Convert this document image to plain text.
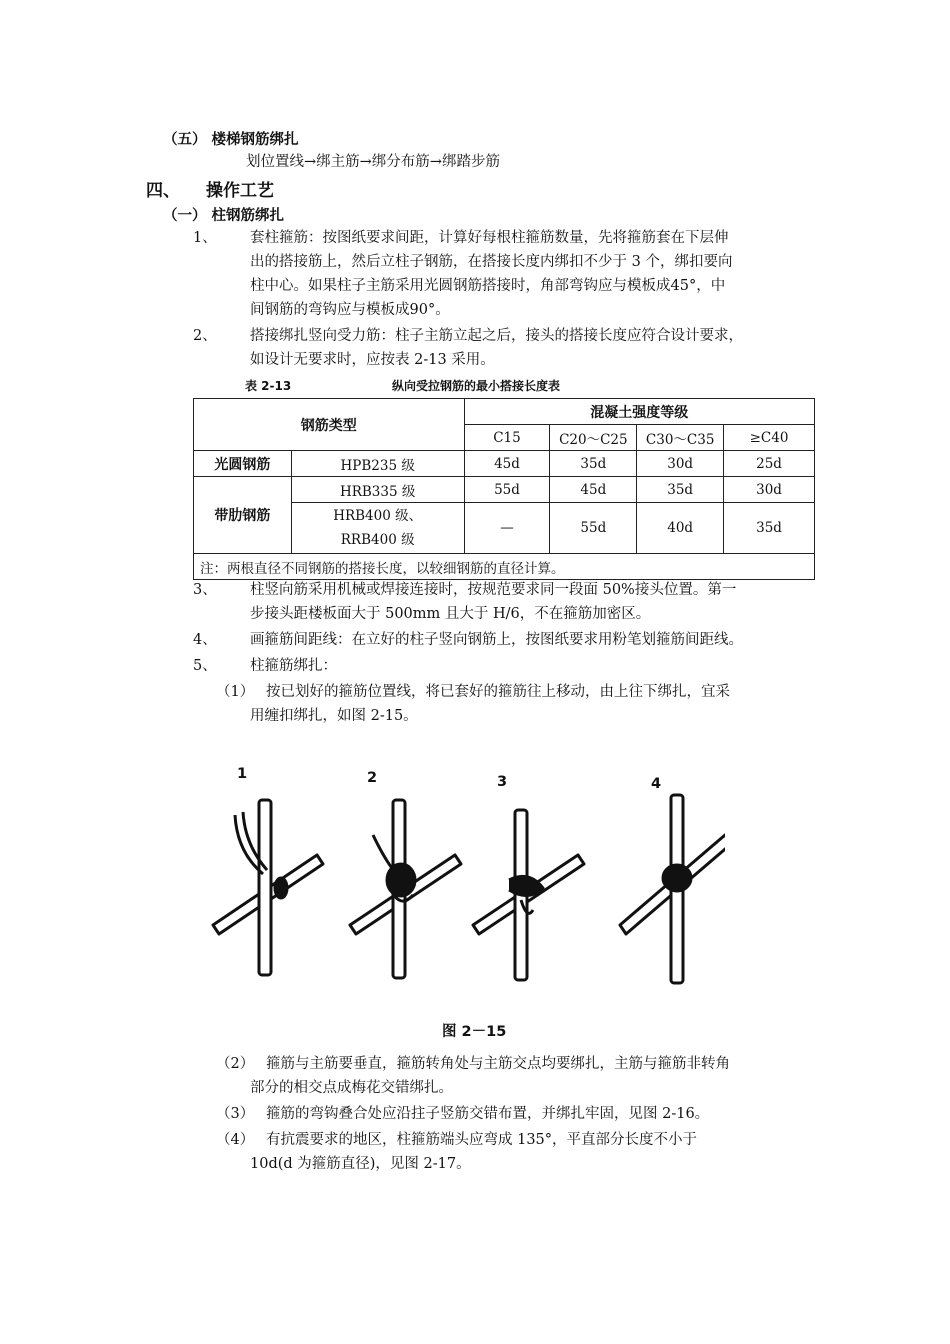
（五） 楼梯钢筋绑扎
划位置线→绑主筋→绑分布筋→绑踏步筋
四、 操作工艺
（一） 柱钢筋绑扎
1、 套柱箍筋：按图纸要求间距，计算好每根柱箍筋数量，先将箍筋套在下层伸
出的搭接筋上，然后立柱子钢筋，在搭接长度内绑扣不少于 3 个，绑扣要向
柱中心。如果柱子主筋采用光圆钢筋搭接时，角部弯钩应与模板成45°，中
间钢筋的弯钩应与模板成90°。
2、 搭接绑扎竖向受力筋：柱子主筋立起之后，接头的搭接长度应符合设计要求，
如设计无要求时，应按表 2-13 采用。
表 2-13	纵向受拉钢筋的最小搭接长度表
钢筋类型		混凝土强度等级			
		C15	C20～C25	C30～C35	≥C40
光圆钢筋	HPB235 级	45d	35d	30d	25d
带肋钢筋	HRB335 级	55d	45d	35d	30d
	HRB400 级、RRB400 级	—	55d	40d	35d
注：两根直径不同钢筋的搭接长度，以较细钢筋的直径计算。					
3、 柱竖向筋采用机械或焊接连接时，按规范要求同一段面 50%接头位置。第一
步接头距楼板面大于 500mm 且大于 H/6，不在箍筋加密区。
4、 画箍筋间距线：在立好的柱子竖向钢筋上，按图纸要求用粉笔划箍筋间距线。
5、 柱箍筋绑扎：
（1） 按已划好的箍筋位置线，将已套好的箍筋往上移动，由上往下绑扎，宜采
用缠扣绑扎，如图 2-15。
1	2	3	4
图 2－15
（2） 箍筋与主筋要垂直，箍筋转角处与主筋交点均要绑扎，主筋与箍筋非转角
部分的相交点成梅花交错绑扎。
（3） 箍筋的弯钩叠合处应沿拄子竖筋交错布置，并绑扎牢固，见图 2-16。
（4） 有抗震要求的地区，柱箍筋端头应弯成 135°，平直部分长度不小于
10d(d 为箍筋直径)，见图 2-17。
